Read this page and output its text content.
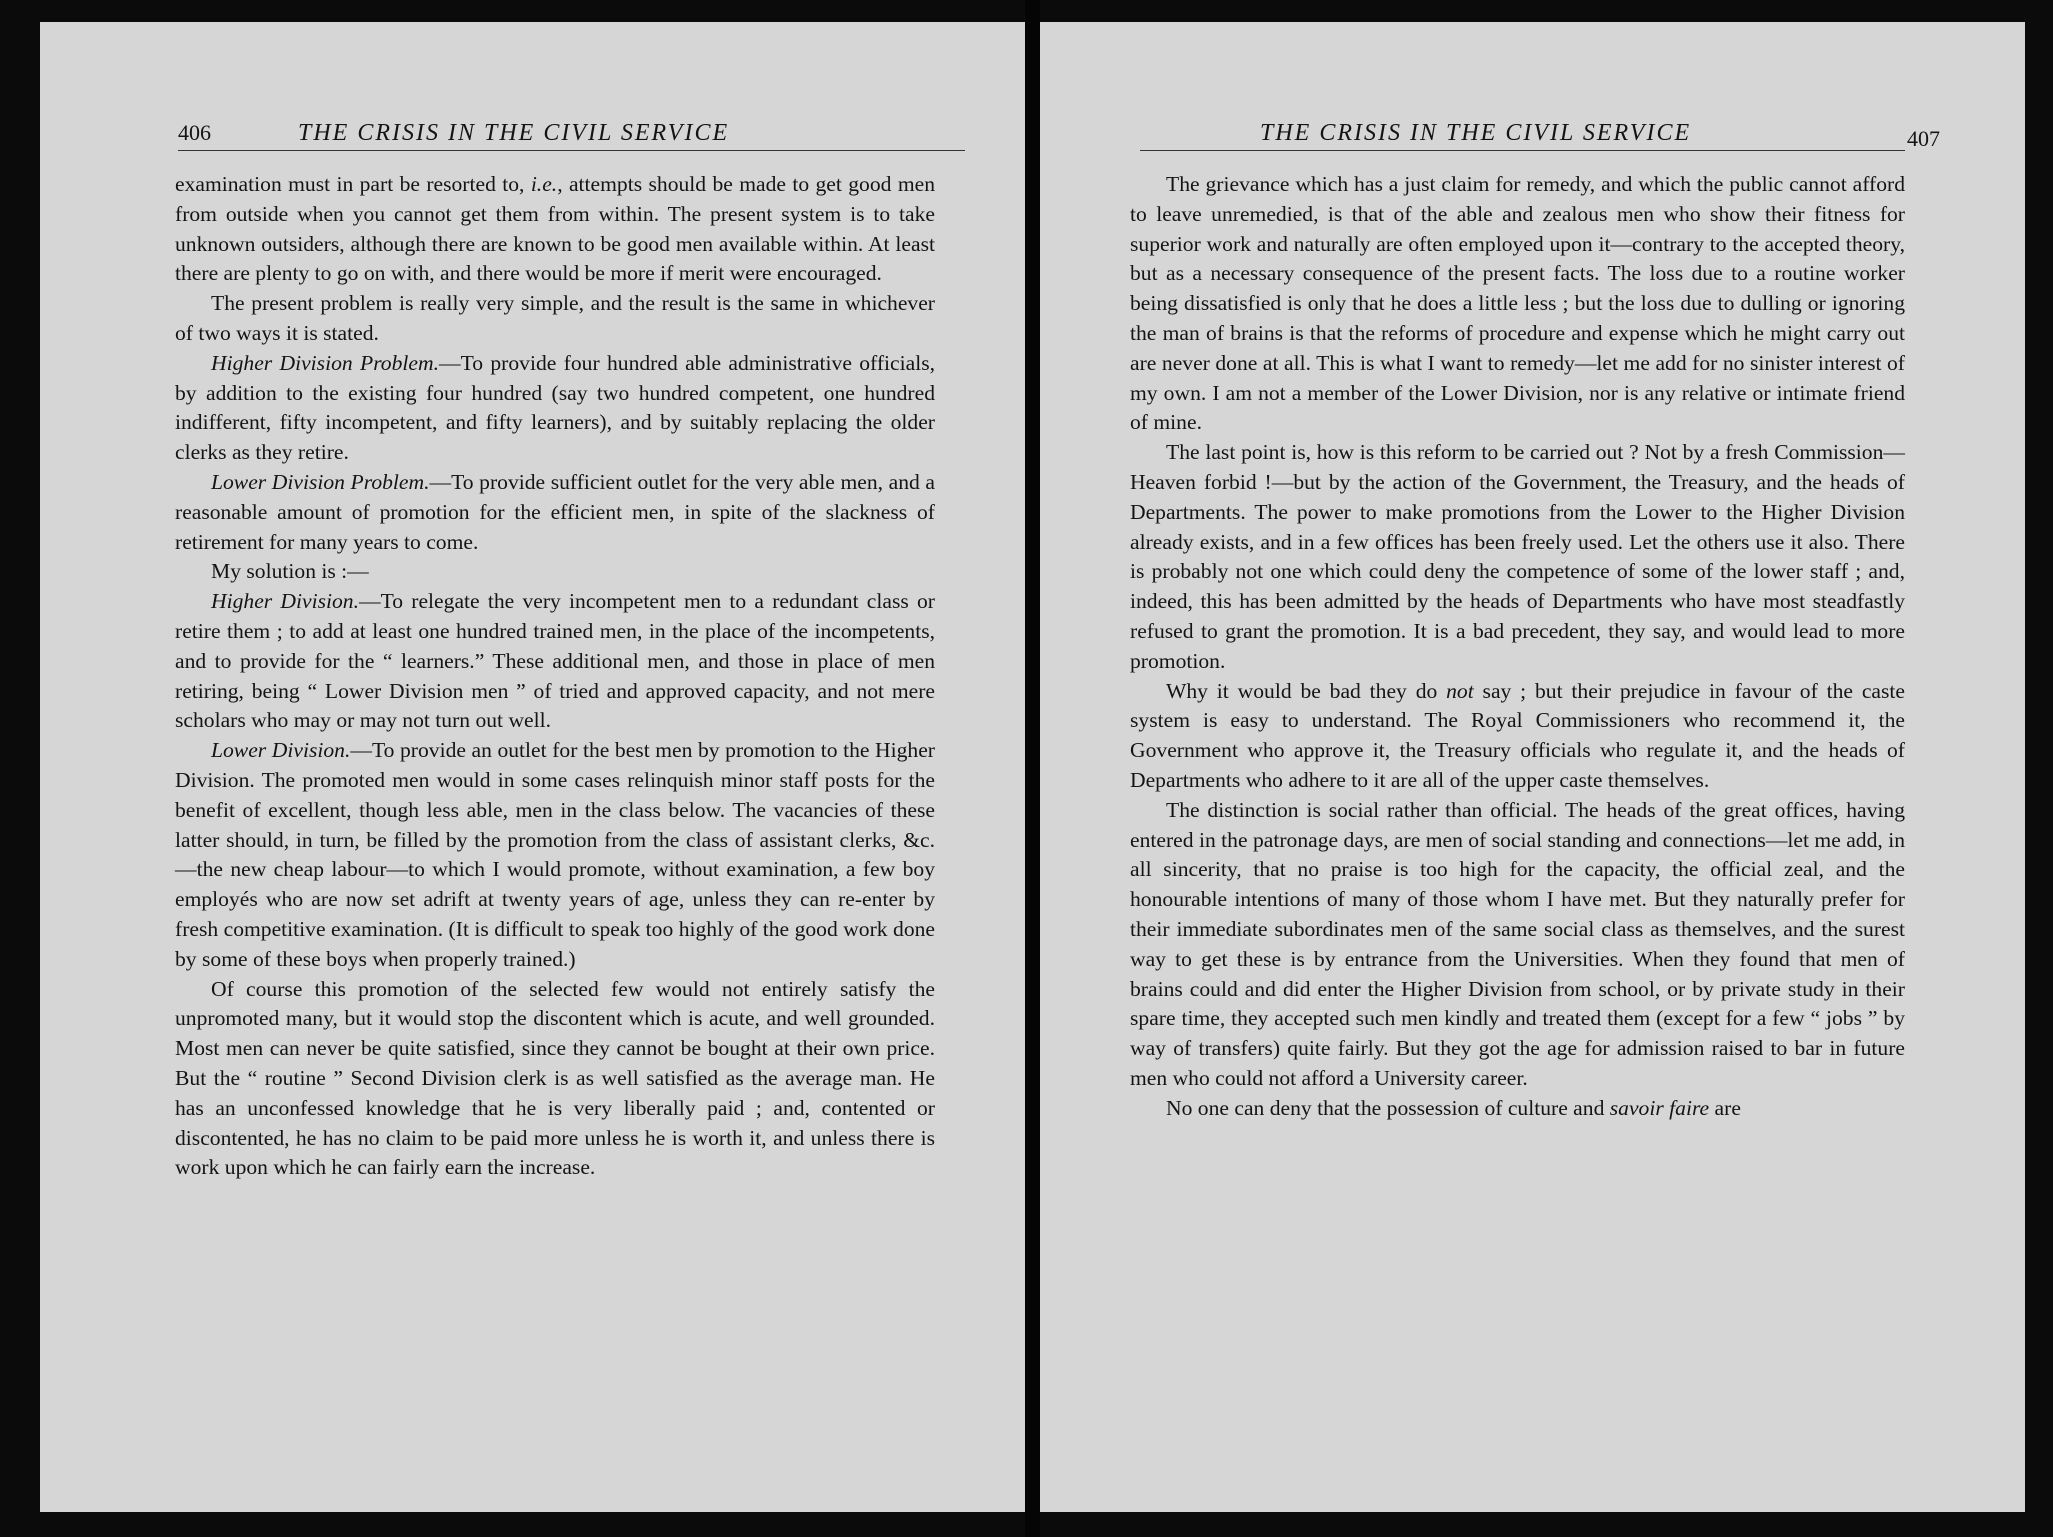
406	THE CRISIS IN THE CIVIL SERVICE

examination must in part be resorted to, i.e., attempts should be made to get good men from outside when you cannot get them from within. The present system is to take unknown outsiders, although there are known to be good men available within. At least there are plenty to go on with, and there would be more if merit were encouraged.

The present problem is really very simple, and the result is the same in whichever of two ways it is stated.

Higher Division Problem.—To provide four hundred able administrative officials, by addition to the existing four hundred (say two hundred competent, one hundred indifferent, fifty incompetent, and fifty learners), and by suitably replacing the older clerks as they retire.

Lower Division Problem.—To provide sufficient outlet for the very able men, and a reasonable amount of promotion for the efficient men, in spite of the slackness of retirement for many years to come.

My solution is :—

Higher Division.—To relegate the very incompetent men to a redundant class or retire them ; to add at least one hundred trained men, in the place of the incompetents, and to provide for the “ learners.” These additional men, and those in place of men retiring, being “ Lower Division men ” of tried and approved capacity, and not mere scholars who may or may not turn out well.

Lower Division.—To provide an outlet for the best men by promotion to the Higher Division. The promoted men would in some cases relinquish minor staff posts for the benefit of excellent, though less able, men in the class below. The vacancies of these latter should, in turn, be filled by the promotion from the class of assistant clerks, &c.—the new cheap labour—to which I would promote, without examination, a few boy employés who are now set adrift at twenty years of age, unless they can re-enter by fresh competitive examination. (It is difficult to speak too highly of the good work done by some of these boys when properly trained.)

Of course this promotion of the selected few would not entirely satisfy the unpromoted many, but it would stop the discontent which is acute, and well grounded. Most men can never be quite satisfied, since they cannot be bought at their own price. But the “ routine ” Second Division clerk is as well satisfied as the average man. He has an unconfessed knowledge that he is very liberally paid ; and, contented or discontented, he has no claim to be paid more unless he is worth it, and unless there is work upon which he can fairly earn the increase.

THE CRISIS IN THE CIVIL SERVICE	407

The grievance which has a just claim for remedy, and which the public cannot afford to leave unremedied, is that of the able and zealous men who show their fitness for superior work and naturally are often employed upon it—contrary to the accepted theory, but as a necessary consequence of the present facts. The loss due to a routine worker being dissatisfied is only that he does a little less ; but the loss due to dulling or ignoring the man of brains is that the reforms of procedure and expense which he might carry out are never done at all. This is what I want to remedy—let me add for no sinister interest of my own. I am not a member of the Lower Division, nor is any relative or intimate friend of mine.

The last point is, how is this reform to be carried out ? Not by a fresh Commission—Heaven forbid !—but by the action of the Government, the Treasury, and the heads of Departments. The power to make promotions from the Lower to the Higher Division already exists, and in a few offices has been freely used. Let the others use it also. There is probably not one which could deny the competence of some of the lower staff ; and, indeed, this has been admitted by the heads of Departments who have most steadfastly refused to grant the promotion. It is a bad precedent, they say, and would lead to more promotion.

Why it would be bad they do not say ; but their prejudice in favour of the caste system is easy to understand. The Royal Commissioners who recommend it, the Government who approve it, the Treasury officials who regulate it, and the heads of Departments who adhere to it are all of the upper caste themselves.

The distinction is social rather than official. The heads of the great offices, having entered in the patronage days, are men of social standing and connections—let me add, in all sincerity, that no praise is too high for the capacity, the official zeal, and the honourable intentions of many of those whom I have met. But they naturally prefer for their immediate subordinates men of the same social class as themselves, and the surest way to get these is by entrance from the Universities. When they found that men of brains could and did enter the Higher Division from school, or by private study in their spare time, they accepted such men kindly and treated them (except for a few “ jobs ” by way of transfers) quite fairly. But they got the age for admission raised to bar in future men who could not afford a University career.

No one can deny that the possession of culture and savoir faire are
